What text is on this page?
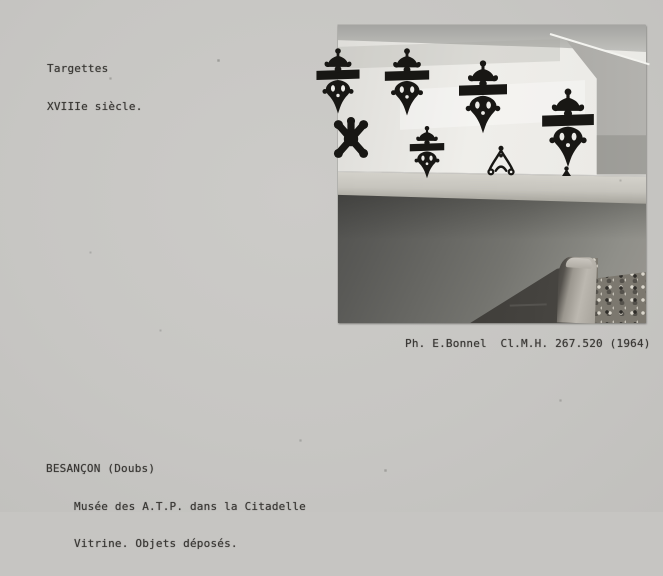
Targettes

XVIIIe siècle.

Ph. E.Bonnel  Cl.M.H. 267.520 (1964)

BESANÇON (Doubs)

Musée des A.T.P. dans la Citadelle

Vitrine. Objets déposés.
